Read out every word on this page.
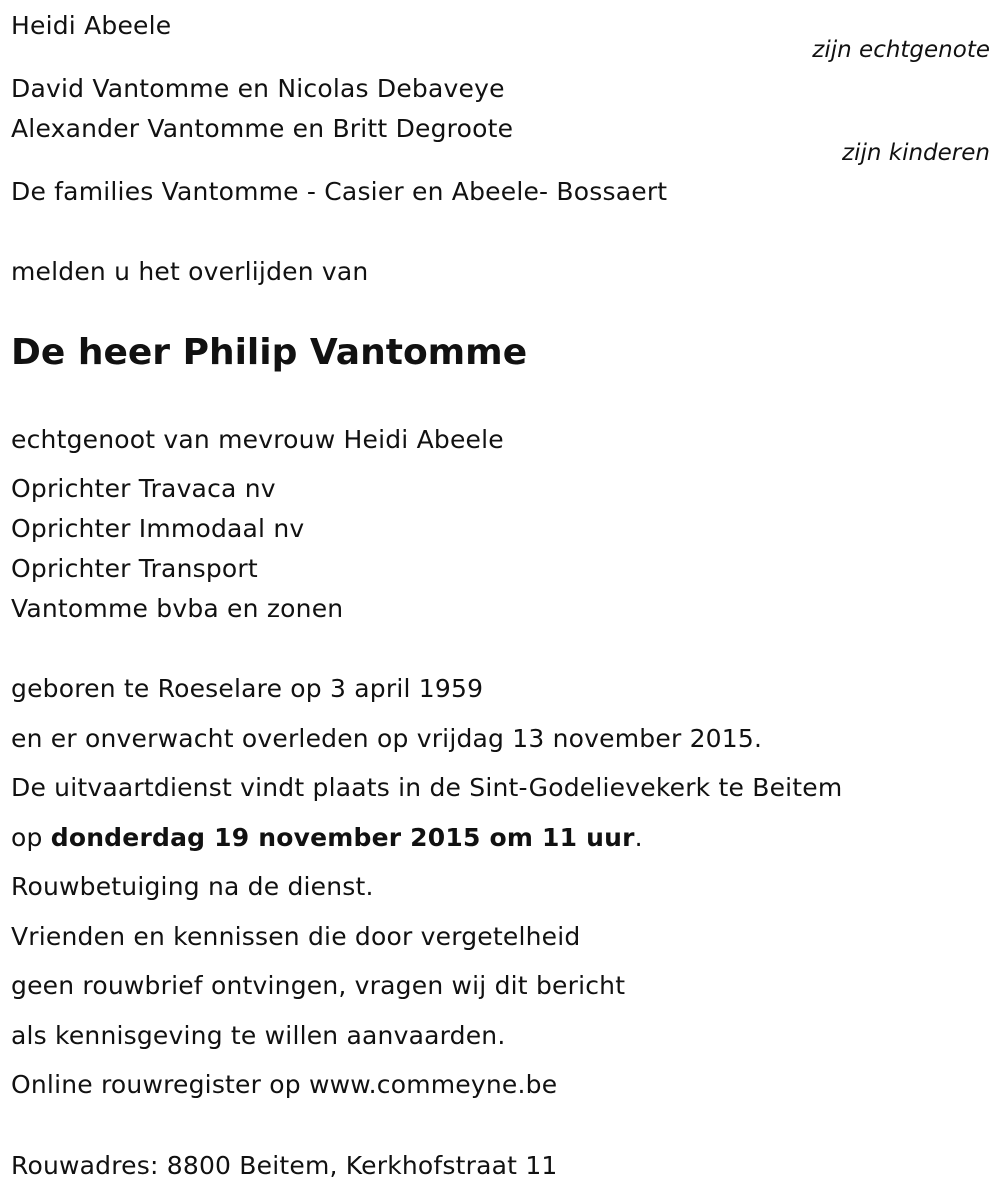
Heidi Abeele
zijn echtgenote
David Vantomme en Nicolas Debaveye
Alexander Vantomme en Britt Degroote
zijn kinderen
De families Vantomme - Casier en Abeele- Bossaert
melden u het overlijden van
De heer Philip Vantomme
echtgenoot van mevrouw Heidi Abeele
Oprichter Travaca nv
Oprichter Immodaal nv
Oprichter Transport
Vantomme bvba en zonen
geboren te Roeselare op 3 april 1959
en er onverwacht overleden op vrijdag 13 november 2015.
De uitvaartdienst vindt plaats in de Sint-Godelievekerk te Beitem
op donderdag 19 november 2015 om 11 uur.
Rouwbetuiging na de dienst.
Vrienden en kennissen die door vergetelheid
geen rouwbrief ontvingen, vragen wij dit bericht
als kennisgeving te willen aanvaarden.
Online rouwregister op www.commeyne.be
Rouwadres: 8800 Beitem, Kerkhofstraat 11
